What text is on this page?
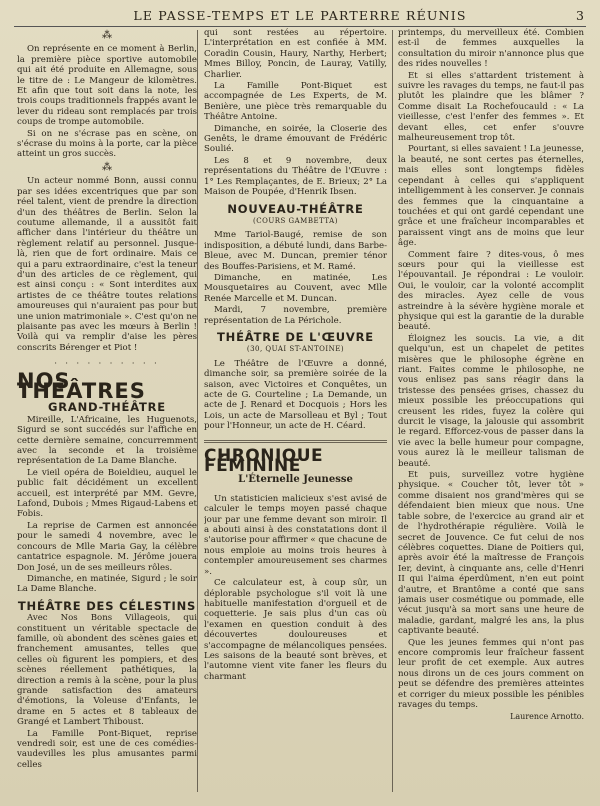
LE PASSE-TEMPS ET LE PARTERRE RÉUNIS	3
⁂

On représente en ce moment à Berlin, la première pièce sportive automobile qui ait été produite en Allemagne, sous le titre de : Le Mangeur de kilomètres. Et afin que tout soit dans la note, les trois coups traditionnels frappés avant le lever du rideau sont remplacés par trois coups de trompe automobile.

Si on ne s'écrase pas en scène, on s'écrase du moins à la porte, car la pièce atteint un gros succès.

⁂

Un acteur nommé Bonn, aussi connu par ses idées excentriques que par son réel talent, vient de prendre la direction d'un des théâtres de Berlin. Selon la coutume allemande, il a aussitôt fait afficher dans l'intérieur du théâtre un règlement relatif au personnel. Jusque-là, rien que de fort ordinaire. Mais ce qui a paru extraordinaire, c'est la teneur d'un des articles de ce règlement, qui est ainsi conçu : « Sont interdites aux artistes de ce théâtre toutes relations amoureuses qui n'auraient pas pour but une union matrimoniale ». C'est qu'on ne plaisante pas avec les mœurs à Berlin ! Voilà qui va remplir d'aise les pères conscrits Bérenger et Piot !

· · · · · · · · · ·
NOS THÉÂTRES
GRAND-THÉÂTRE

Mireille, L'Africaine, les Huguenots, Sigurd se sont succédés sur l'affiche en cette dernière semaine, concurremment avec la seconde et la troisième représentation de La Dame Blanche.

Le vieil opéra de Boieldieu, auquel le public fait décidément un excellent accueil, est interprété par MM. Gevre, Lafond, Dubois ; Mmes Rigaud-Labens et Fobis.

La reprise de Carmen est annoncée pour le samedi 4 novembre, avec le concours de Mlle Maria Gay, la célèbre cantatrice espagnole. M. Jérôme jouera Don José, un de ses meilleurs rôles.

Dimanche, en matinée, Sigurd ; le soir La Dame Blanche.

THÉÂTRE DES CÉLESTINS

Avec Nos Bons Villageois, qui constituent un véritable spectacle de famille, où abondent des scènes gaies et franchement amusantes, telles que celles où figurent les pompiers, et des scènes réellement pathétiques, la direction a remis à la scène, pour la plus grande satisfaction des amateurs d'émotions, la Voleuse d'Enfants, le drame en 5 actes et 8 tableaux de Grangé et Lambert Thiboust.

La Famille Pont-Biquet, reprise vendredi soir, est une de ces comédies-vaudevilles les plus amusantes parmi celles

qui sont restées au répertoire. L'interprétation en est confiée à MM. Coradin Cousin, Haury, Narthy, Herbert; Mmes Billoy, Poncin, de Lauray, Vatilly, Charlier.

La Famille Pont-Biquet est accompagnée de Les Experts, de M. Benière, une pièce très remarquable du Théâtre Antoine.

Dimanche, en soirée, la Closerie des Genêts, le drame émouvant de Frédéric Soulié.

Les 8 et 9 novembre, deux représentations du Théâtre de l'Œuvre : 1° Les Remplaçantes, de E. Brieux; 2° La Maison de Poupée, d'Henrik Ibsen.

NOUVEAU-THÉÂTRE
(COURS GAMBETTA)

Mme Tariol-Baugé, remise de son indisposition, a débuté lundi, dans Barbe-Bleue, avec M. Duncan, premier ténor des Bouffes-Parisiens, et M. Ramé.

Dimanche, en matinée, Les Mousquetaires au Couvent, avec Mlle Renée Marcelle et M. Duncan.

Mardi, 7 novembre, première représentation de La Périchole.

THÉÂTRE DE L'ŒUVRE
(30, QUAI ST-ANTOINE)

Le Théâtre de l'Œuvre a donné, dimanche soir, sa première soirée de la saison, avec Victoires et Conquêtes, un acte de G. Courteline ; La Demande, un acte de J. Renard et Docquois ; Hors les Lois, un acte de Marsolleau et Byl ; Tout pour l'Honneur, un acte de H. Céard.

CHRONIQUE FÉMININE
L'Éternelle Jeunesse

Un statisticien malicieux s'est avisé de calculer le temps moyen passé chaque jour par une femme devant son miroir. Il a abouti ainsi à des constatations dont il s'autorise pour affirmer « que chacune de nous emploie au moins trois heures à contempler amoureusement ses charmes ».

Ce calculateur est, à coup sûr, un déplorable psychologue s'il voit là une habituelle manifestation d'orgueil et de coquetterie. Je sais plus d'un cas où l'examen en question conduit à des découvertes douloureuses et s'accompagne de mélancoliques pensées. Les saisons de la beauté sont brèves, et l'automne vient vite faner les fleurs du charmant

printemps, du merveilleux été. Combien est-il de femmes auxquelles la consultation du miroir n'annonce plus que des rides nouvelles !

Et si elles s'attardent tristement à suivre les ravages du temps, ne faut-il pas plutôt les plaindre que les blâmer ? Comme disait La Rochefoucauld : « La vieillesse, c'est l'enfer des femmes ». Et devant elles, cet enfer s'ouvre malheureusement trop tôt.

Pourtant, si elles savaient ! La jeunesse, la beauté, ne sont certes pas éternelles, mais elles sont longtemps fidèles cependant à celles qui s'appliquent intelligemment à les conserver. Je connais des femmes que la cinquantaine a touchées et qui ont gardé cependant une grâce et une fraîcheur incomparables et paraissent vingt ans de moins que leur âge.

Comment faire ? dites-vous, ô mes sœurs pour qui la vieillesse est l'épouvantail. Je répondrai : Le vouloir. Oui, le vouloir, car la volonté accomplit des miracles. Ayez celle de vous astreindre à la sévère hygiène morale et physique qui est la garantie de la durable beauté.

Éloignez les soucis. La vie, a dit quelqu'un, est un chapelet de petites misères que le philosophe égrène en riant. Faites comme le philosophe, ne vous enlisez pas sans réagir dans la tristesse des pensées grises, chassez du mieux possible les préoccupations qui creusent les rides, fuyez la colère qui durcit le visage, la jalousie qui assombrit le regard. Efforcez-vous de passer dans la vie avec la belle humeur pour compagne, vous aurez là le meilleur talisman de beauté.

Et puis, surveillez votre hygiène physique. « Coucher tôt, lever tôt » comme disaient nos grand'mères qui se défendaient bien mieux que nous. Une table sobre, de l'exercice au grand air et de l'hydrothérapie régulière. Voilà le secret de Jouvence. Ce fut celui de nos célèbres coquettes. Diane de Poitiers qui, après avoir été la maîtresse de François Ier, devint, à cinquante ans, celle d'Henri II qui l'aima éperdûment, n'en eut point d'autre, et Brantôme a conté que sans jamais user cosmétique ou pommade, elle vécut jusqu'à sa mort sans une heure de maladie, gardant, malgré les ans, la plus captivante beauté.

Que les jeunes femmes qui n'ont pas encore compromis leur fraîcheur fassent leur profit de cet exemple. Aux autres nous dirons un de ces jours comment on peut se défendre des premières atteintes et corriger du mieux possible les pénibles ravages du temps.

Laurence Arnotto.
